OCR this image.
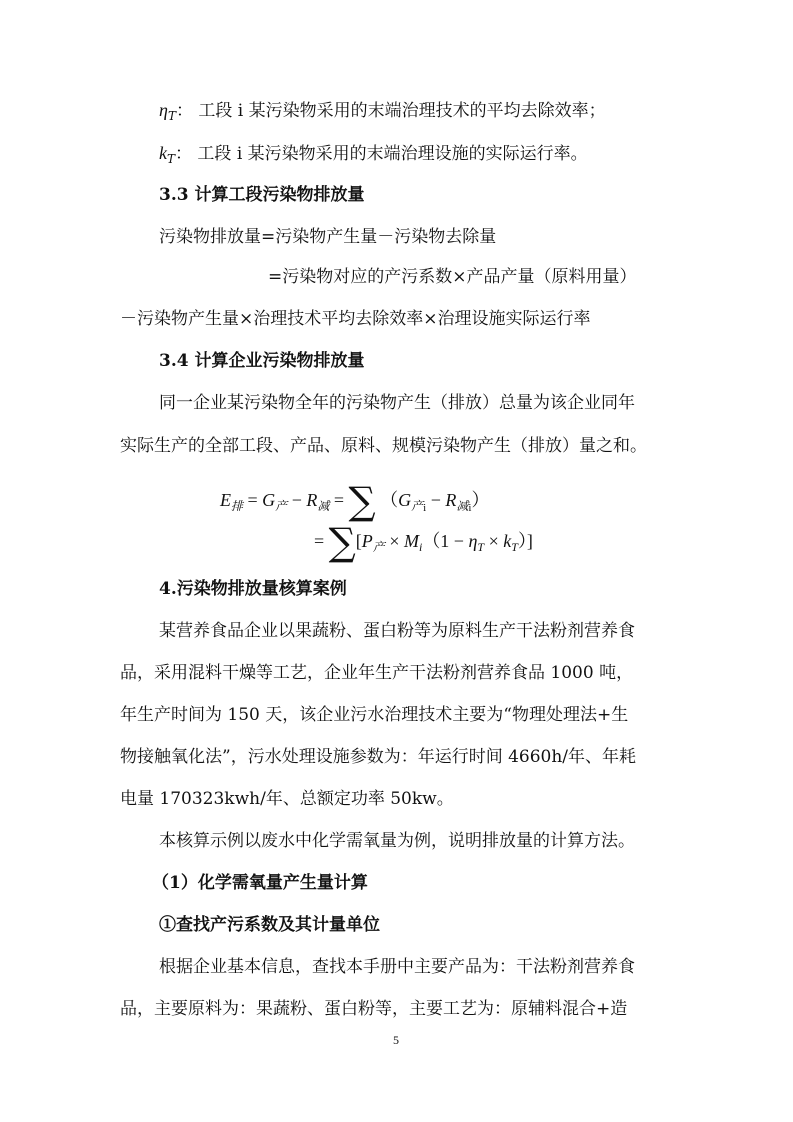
$\eta_T$： 工段 i 某污染物采用的末端治理技术的平均去除效率；
$k_T$： 工段 i 某污染物采用的末端治理设施的实际运行率。
3.3 计算工段污染物排放量
污染物排放量=污染物产生量－污染物去除量
=污染物对应的产污系数×产品产量（原料用量）
－污染物产生量×治理技术平均去除效率×治理设施实际运行率
3.4 计算企业污染物排放量
同一企业某污染物全年的污染物产生（排放）总量为该企业同年
实际生产的全部工段、产品、原料、规模污染物产生（排放）量之和。
$E_排 = G_产 - R_减$ = ∑ $(G_{产i} - R_{减i})$
= $\sum[P_产 \times M_i(1 - \eta_T \times k_T)]$
4.污染物排放量核算案例
某营养食品企业以果蔬粉、蛋白粉等为原料生产干法粉剂营养食
品，采用混料干燥等工艺，企业年生产干法粉剂营养食品 1000 吨，
年生产时间为 150 天，该企业污水治理技术主要为“物理处理法+生
物接触氧化法”，污水处理设施参数为：年运行时间 4660h/年、年耗
电量 170323kwh/年、总额定功率 50kw。
本核算示例以废水中化学需氧量为例，说明排放量的计算方法。
（1）化学需氧量产生量计算
①查找产污系数及其计量单位
根据企业基本信息，查找本手册中主要产品为：干法粉剂营养食
品，主要原料为：果蔬粉、蛋白粉等，主要工艺为：原辅料混合+造
5
